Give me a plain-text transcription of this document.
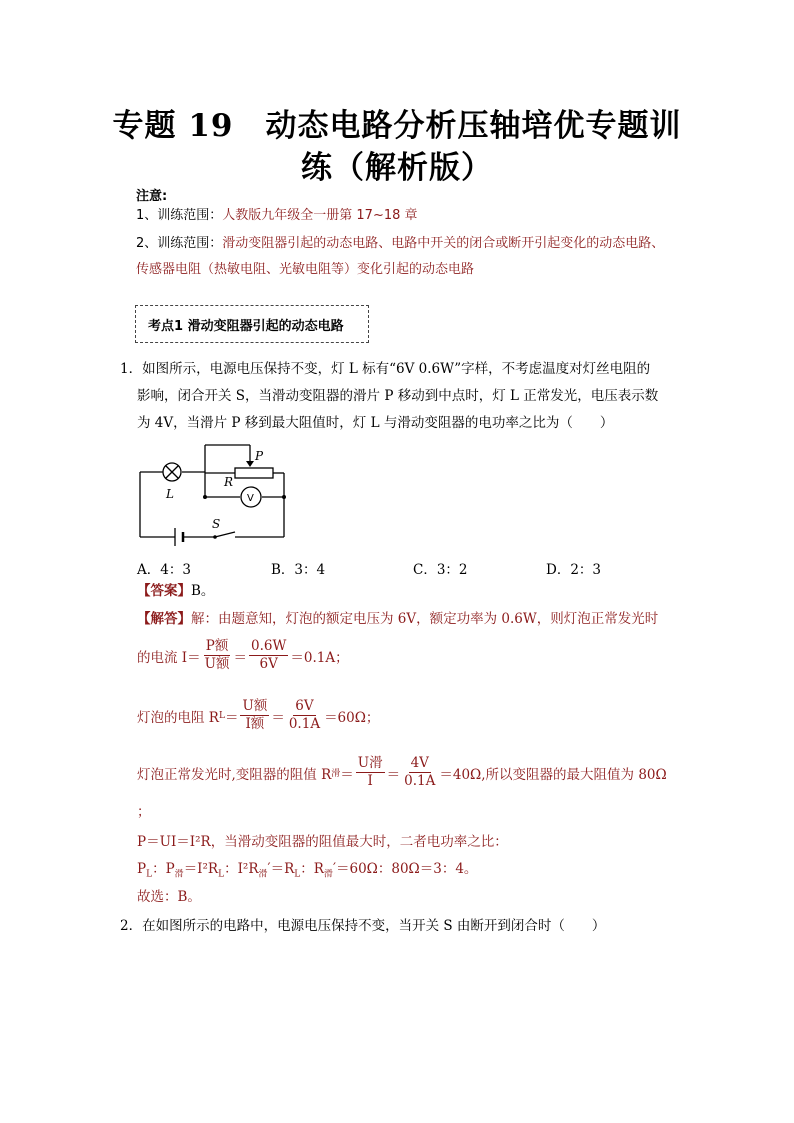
专题 19　动态电路分析压轴培优专题训
练（解析版）
注意:
1、训练范围：人教版九年级全一册第 17~18 章
2、训练范围：滑动变阻器引起的动态电路、电路中开关的闭合或断开引起变化的动态电路、
传感器电阻（热敏电阻、光敏电阻等）变化引起的动态电路
考点1 滑动变阻器引起的动态电路
1．如图所示，电源电压保持不变，灯 L 标有“6V 0.6W”字样，不考虑温度对灯丝电阻的
影响，闭合开关 S，当滑动变阻器的滑片 P 移动到中点时，灯 L 正常发光，电压表示数
为 4V，当滑片 P 移到最大阻值时，灯 L 与滑动变阻器的电功率之比为（　　）
L
P
R
V
S
A．4：3	B．3：4	C．3：2	D．2：3
【答案】B。
【解答】解：由题意知，灯泡的额定电压为 6V，额定功率为 0.6W，则灯泡正常发光时
的电流 $I= \frac{\text{P额}}{\text{U额}} = \frac{0.6W}{6V} =0.1A$；
灯泡的电阻 R $L = \frac{\text{U额}}{\text{I额}} = \frac{6V}{0.1A} =60\Omega$；
灯泡正常发光时,变阻器的阻值 R 滑 ＝ $\frac{\text{U滑}}{I} = \frac{4V}{0.1A} =40\Omega$,所以变阻器的最大阻值为 80Ω
；
P＝UI＝I²R，当滑动变阻器的阻值最大时，二者电功率之比：
$P_L$：$P_滑=I^2R_L$：$I^2R_滑'=R_L$：$R_滑'=60\Omega$：80Ω＝3：4。
故选：B。
2．在如图所示的电路中，电源电压保持不变，当开关 S 由断开到闭合时（　　）
